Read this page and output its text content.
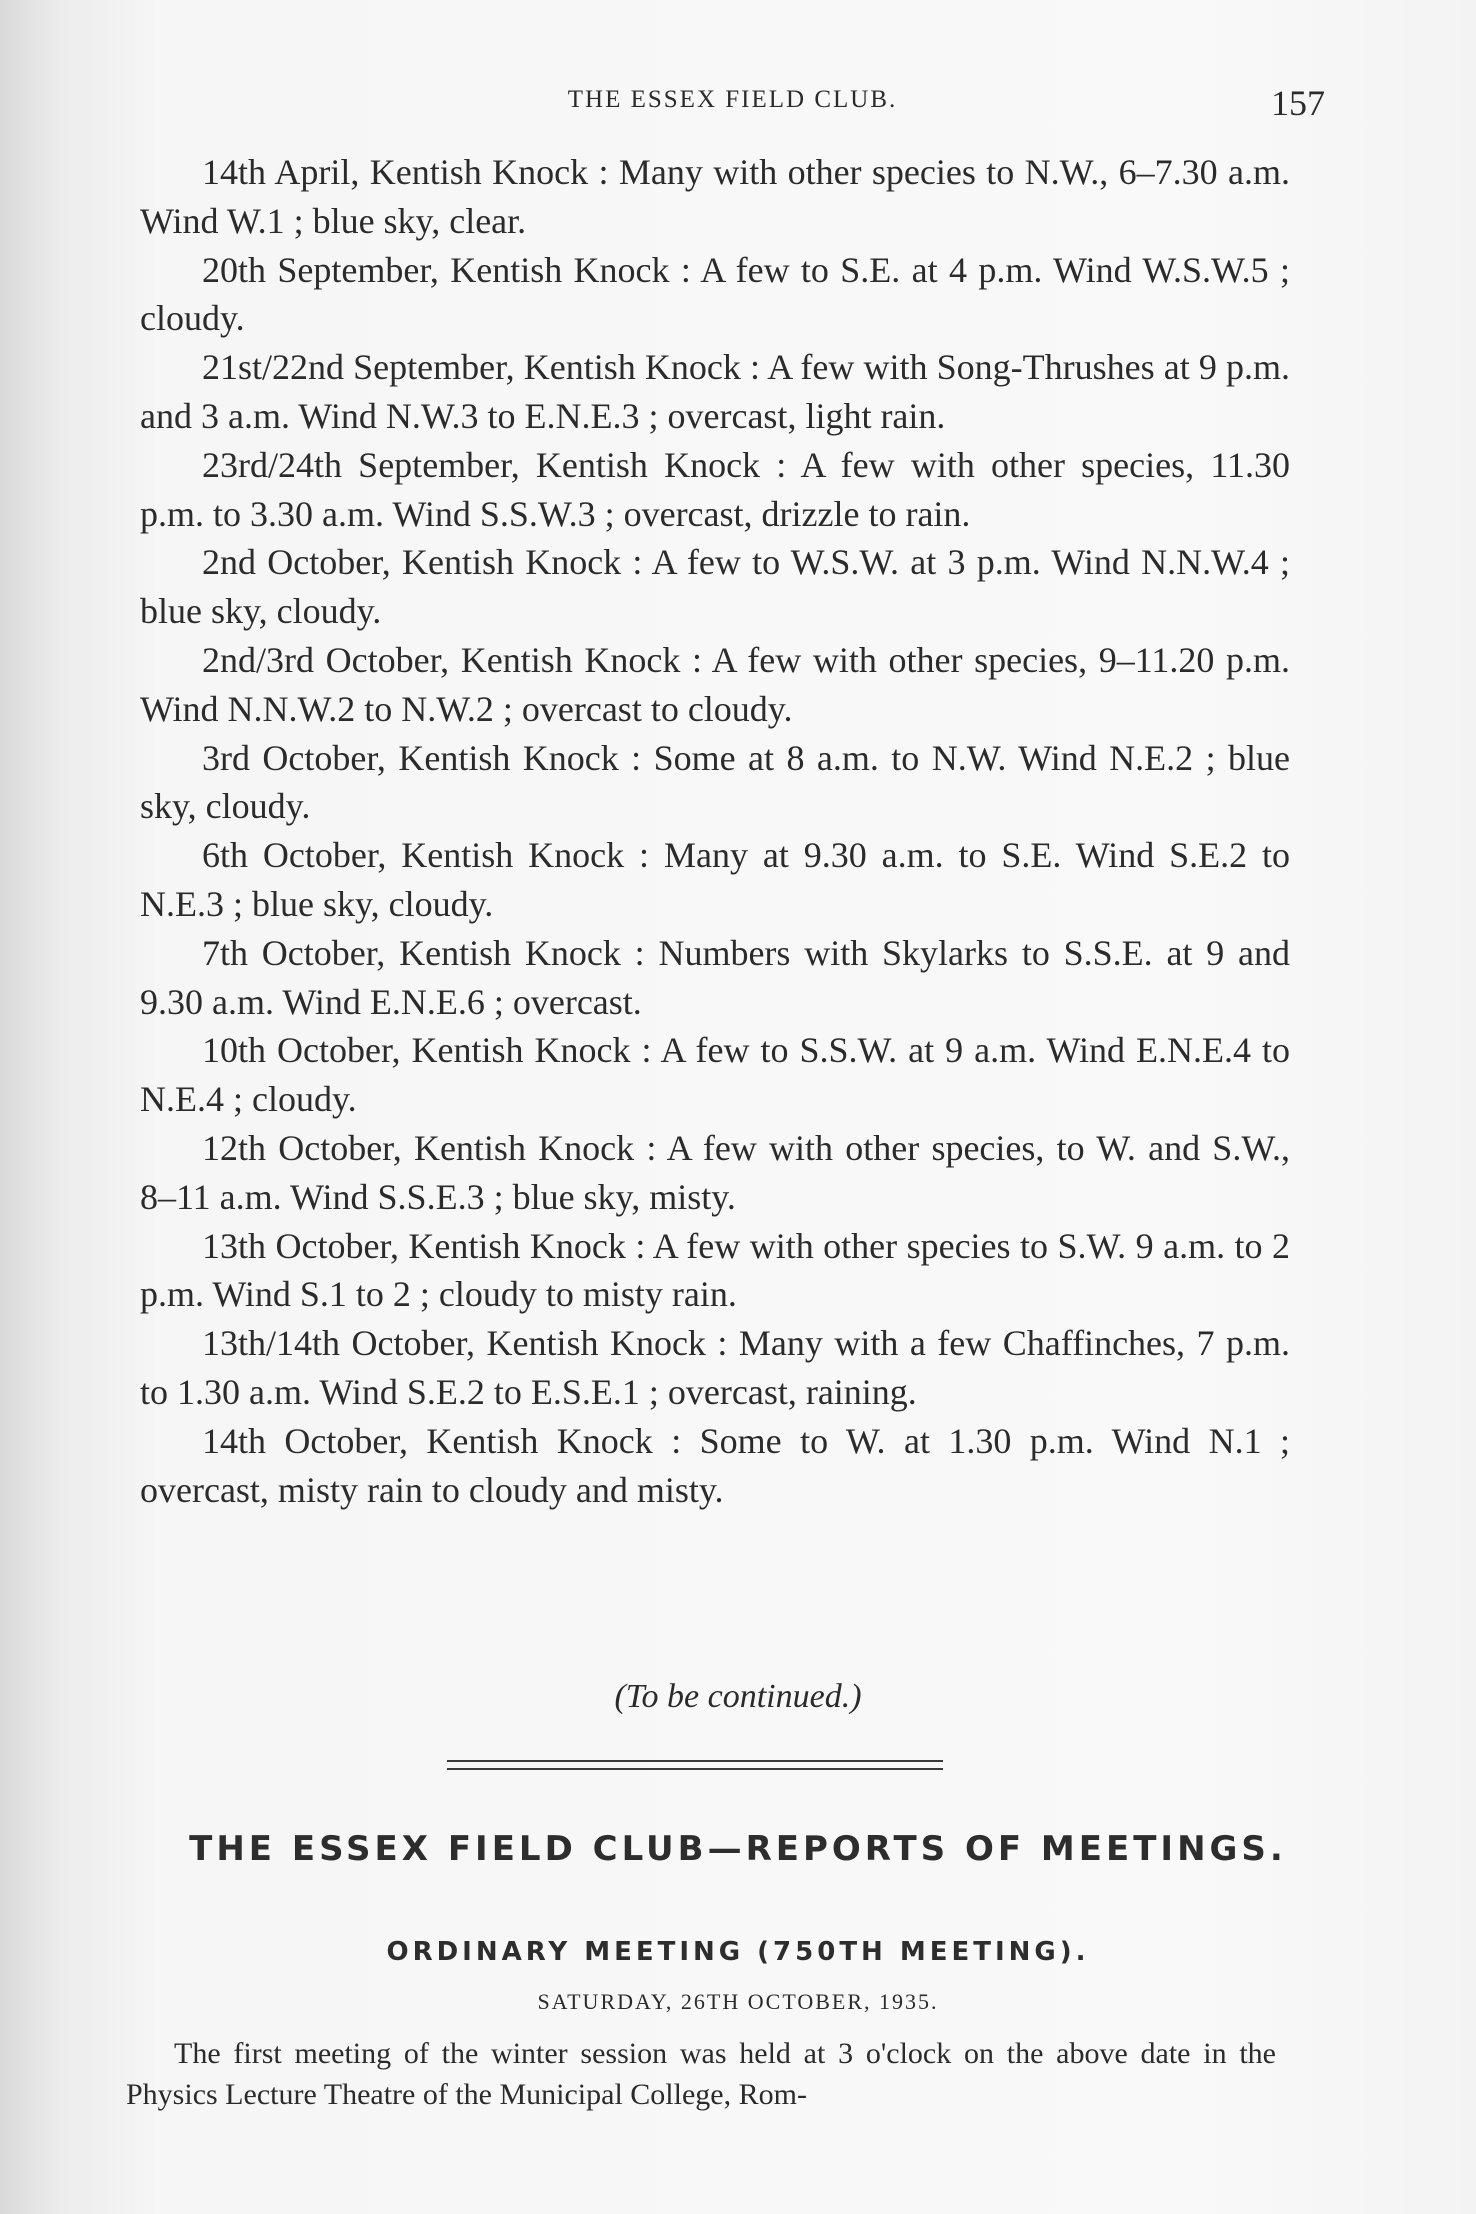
THE ESSEX FIELD CLUB.	157

14th April, Kentish Knock : Many with other species to N.W., 6–7.30 a.m. Wind W.1 ; blue sky, clear.

20th September, Kentish Knock : A few to S.E. at 4 p.m. Wind W.S.W.5 ; cloudy.

21st/22nd September, Kentish Knock : A few with Song-Thrushes at 9 p.m. and 3 a.m. Wind N.W.3 to E.N.E.3 ; overcast, light rain.

23rd/24th September, Kentish Knock : A few with other species, 11.30 p.m. to 3.30 a.m. Wind S.S.W.3 ; overcast, drizzle to rain.

2nd October, Kentish Knock : A few to W.S.W. at 3 p.m. Wind N.N.W.4 ; blue sky, cloudy.

2nd/3rd October, Kentish Knock : A few with other species, 9–11.20 p.m. Wind N.N.W.2 to N.W.2 ; overcast to cloudy.

3rd October, Kentish Knock : Some at 8 a.m. to N.W. Wind N.E.2 ; blue sky, cloudy.

6th October, Kentish Knock : Many at 9.30 a.m. to S.E. Wind S.E.2 to N.E.3 ; blue sky, cloudy.

7th October, Kentish Knock : Numbers with Skylarks to S.S.E. at 9 and 9.30 a.m. Wind E.N.E.6 ; overcast.

10th October, Kentish Knock : A few to S.S.W. at 9 a.m. Wind E.N.E.4 to N.E.4 ; cloudy.

12th October, Kentish Knock : A few with other species, to W. and S.W., 8–11 a.m. Wind S.S.E.3 ; blue sky, misty.

13th October, Kentish Knock : A few with other species to S.W. 9 a.m. to 2 p.m. Wind S.1 to 2 ; cloudy to misty rain.

13th/14th October, Kentish Knock : Many with a few Chaffinches, 7 p.m. to 1.30 a.m. Wind S.E.2 to E.S.E.1 ; overcast, raining.

14th October, Kentish Knock : Some to W. at 1.30 p.m. Wind N.1 ; overcast, misty rain to cloudy and misty.

(To be continued.)
THE ESSEX FIELD CLUB—REPORTS OF MEETINGS.
ORDINARY MEETING (750TH MEETING).
SATURDAY, 26TH OCTOBER, 1935.

The first meeting of the winter session was held at 3 o'clock on the above date in the Physics Lecture Theatre of the Municipal College, Rom-
